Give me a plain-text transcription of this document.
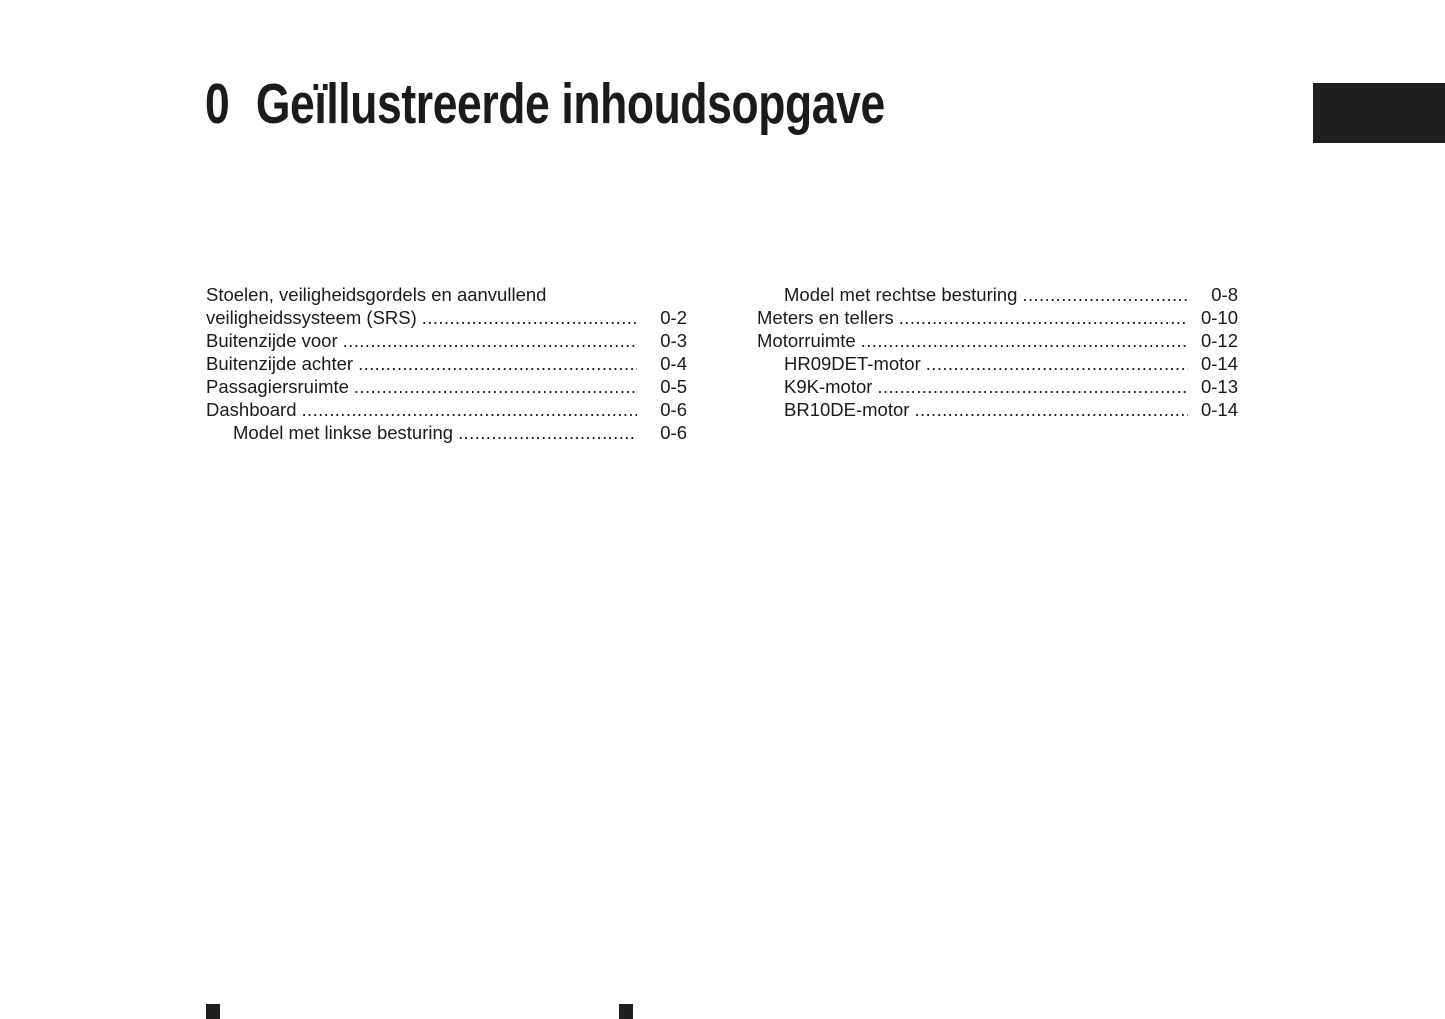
0 Geïllustreerde inhoudsopgave
Stoelen, veiligheidsgordels en aanvullend
veiligheidssysteem (SRS) .....	0-2
Buitenzijde voor .....	0-3
Buitenzijde achter .....	0-4
Passagiersruimte .....	0-5
Dashboard .....	0-6
Model met linkse besturing .....	0-6
Model met rechtse besturing .....	0-8
Meters en tellers .....	0-10
Motorruimte .....	0-12
HR09DET-motor .....	0-14
K9K-motor .....	0-13
BR10DE-motor .....	0-14
